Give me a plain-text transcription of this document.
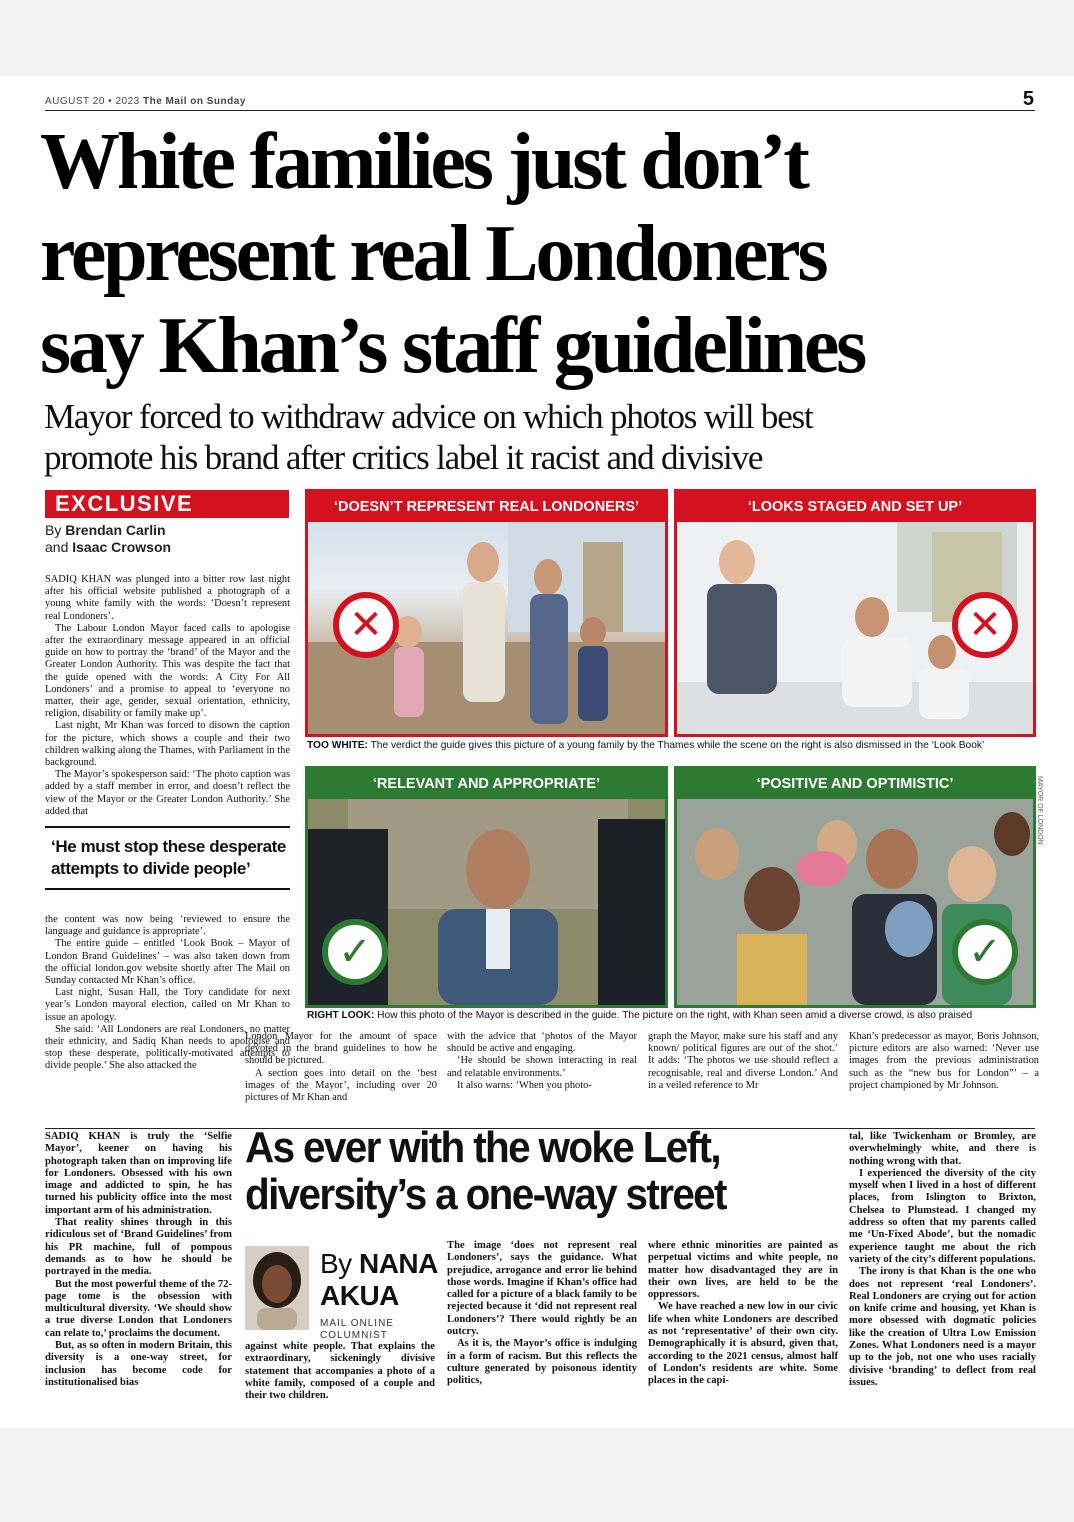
AUGUST 20 • 2023 The Mail on Sunday	5
White families just don’t
represent real Londoners
say Khan’s staff guidelines
Mayor forced to withdraw advice on which photos will best
promote his brand after critics label it racist and divisive
EXCLUSIVE
By Brendan Carlin
and Isaac Crowson

SADIQ KHAN was plunged into a bitter row last night after his official website published a photograph of a young white family with the words: ‘Doesn’t represent real Londoners’.

The Labour London Mayor faced calls to apologise after the extraordinary message appeared in an official guide on how to portray the ‘brand’ of the Mayor and the Greater London Authority. This was despite the fact that the guide opened with the words: A City For All Londoners’ and a promise to appeal to ‘everyone no matter, their age, gender, sexual orientation, ethnicity, religion, disability or family make up’.

Last night, Mr Khan was forced to disown the caption for the picture, which shows a couple and their two children walking along the Thames, with Parliament in the background.

The Mayor’s spokesperson said: ‘The photo caption was added by a staff member in error, and doesn’t reflect the view of the Mayor or the Greater London Authority.’ She added that

‘He must stop these desperate attempts to divide people’

the content was now being ‘reviewed to ensure the language and guidance is appropriate’.

The entire guide – entitled ‘Look Book – Mayor of London Brand Guidelines’ – was also taken down from the official london.gov website shortly after The Mail on Sunday contacted Mr Khan’s office.

Last night, Susan Hall, the Tory candidate for next year’s London mayoral election, called on Mr Khan to issue an apology.

She said: ‘All Londoners are real Londoners, no matter their ethnicity, and Sadiq Khan needs to apologise and stop these desperate, politically-motivated attempts to divide people.’ She also attacked the

‘DOESN’T REPRESENT REAL LONDONERS’
✕
‘LOOKS STAGED AND SET UP’
✕
TOO WHITE: The verdict the guide gives this picture of a young family by the Thames while the scene on the right is also dismissed in the ‘Look Book’
‘RELEVANT AND APPROPRIATE’
✓
‘POSITIVE AND OPTIMISTIC’
✓
MAYOR OF LONDON
RIGHT LOOK: How this photo of the Mayor is described in the guide. The picture on the right, with Khan seen amid a diverse crowd, is also praised

London Mayor for the amount of space devoted in the brand guidelines to how he should be pictured.

A section goes into detail on the ‘best images of the Mayor’, including over 20 pictures of Mr Khan and

with the advice that ‘photos of the Mayor should be active and engaging.

‘He should be shown interacting in real and relatable environments.’

It also warns: ‘When you photo-

graph the Mayor, make sure his staff and any known/ political figures are out of the shot.’ It adds: ‘The photos we use should reflect a recognisable, real and diverse London.’ And in a veiled reference to Mr

Khan’s predecessor as mayor, Boris Johnson, picture editors are also warned: ‘Never use images from the previous administration such as the “new bus for London”’ – a project championed by Mr Johnson.

As ever with the woke Left,
diversity’s a one-way street

SADIQ KHAN is truly the ‘Selfie Mayor’, keener on having his photograph taken than on improving life for Londoners. Obsessed with his own image and addicted to spin, he has turned his publicity office into the most important arm of his administration.

That reality shines through in this ridiculous set of ‘Brand Guidelines’ from his PR machine, full of pompous demands as to how he should be portrayed in the media.

But the most powerful theme of the 72-page tome is the obsession with multicultural diversity. ‘We should show a true diverse London that Londoners can relate to,’ proclaims the document.

But, as so often in modern Britain, this diversity is a one-way street, for inclusion has become code for institutionalised bias

By NANA
AKUA
MAIL ONLINE
COLUMNIST

against white people. That explains the extraordinary, sickeningly divisive statement that accompanies a photo of a white family, composed of a couple and their two children.

The image ‘does not represent real Londoners’, says the guidance. What prejudice, arrogance and error lie behind those words. Imagine if Khan’s office had called for a picture of a black family to be rejected because it ‘did not represent real Londoners’? There would rightly be an outcry.

As it is, the Mayor’s office is indulging in a form of racism. But this reflects the culture generated by poisonous identity politics,

where ethnic minorities are painted as perpetual victims and white people, no matter how disadvantaged they are in their own lives, are held to be the oppressors.

We have reached a new low in our civic life when white Londoners are described as not ‘representative’ of their own city. Demographically it is absurd, given that, according to the 2021 census, almost half of London’s residents are white. Some places in the capi-

tal, like Twickenham or Bromley, are overwhelmingly white, and there is nothing wrong with that.

I experienced the diversity of the city myself when I lived in a host of different places, from Islington to Brixton, Chelsea to Plumstead. I changed my address so often that my parents called me ‘Un-Fixed Abode’, but the nomadic experience taught me about the rich variety of the city’s different populations.

The irony is that Khan is the one who does not represent ‘real Londoners’. Real Londoners are crying out for action on knife crime and housing, yet Khan is more obsessed with dogmatic policies like the creation of Ultra Low Emission Zones. What Londoners need is a mayor up to the job, not one who uses racially divisive ‘branding’ to deflect from real issues.
